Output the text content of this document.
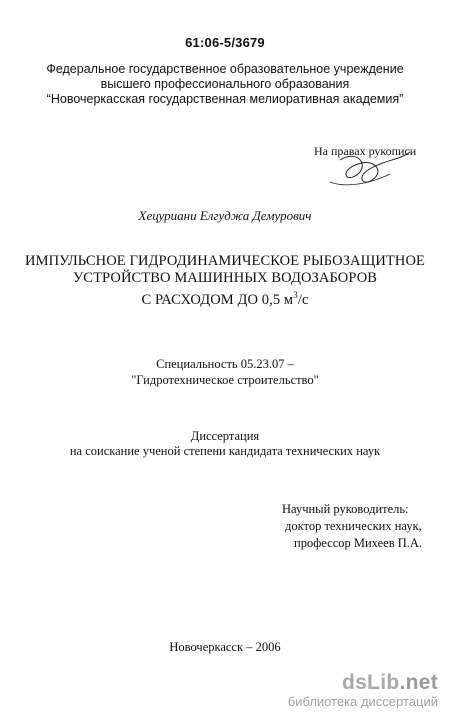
61:06-5/3679
Федеральное государственное образовательное учреждение
высшего профессионального образования
“Новочеркасская государственная мелиоративная академия”
На правах рукописи
Хецуриани Елгуджа Демурович
ИМПУЛЬСНОЕ ГИДРОДИНАМИЧЕСКОЕ РЫБОЗАЩИТНОЕ
УСТРОЙСТВО МАШИННЫХ ВОДОЗАБОРОВ
С РАСХОДОМ ДО 0,5 $м^3/с$
Специальность 05.23.07 –
"Гидротехническое строительство"
Диссертация
на соискание ученой степени кандидата технических наук
Научный руководитель:
доктор технических наук,
профессор Михеев П.А.
Новочеркасск – 2006
dsLib.net
библиотека диссертаций
